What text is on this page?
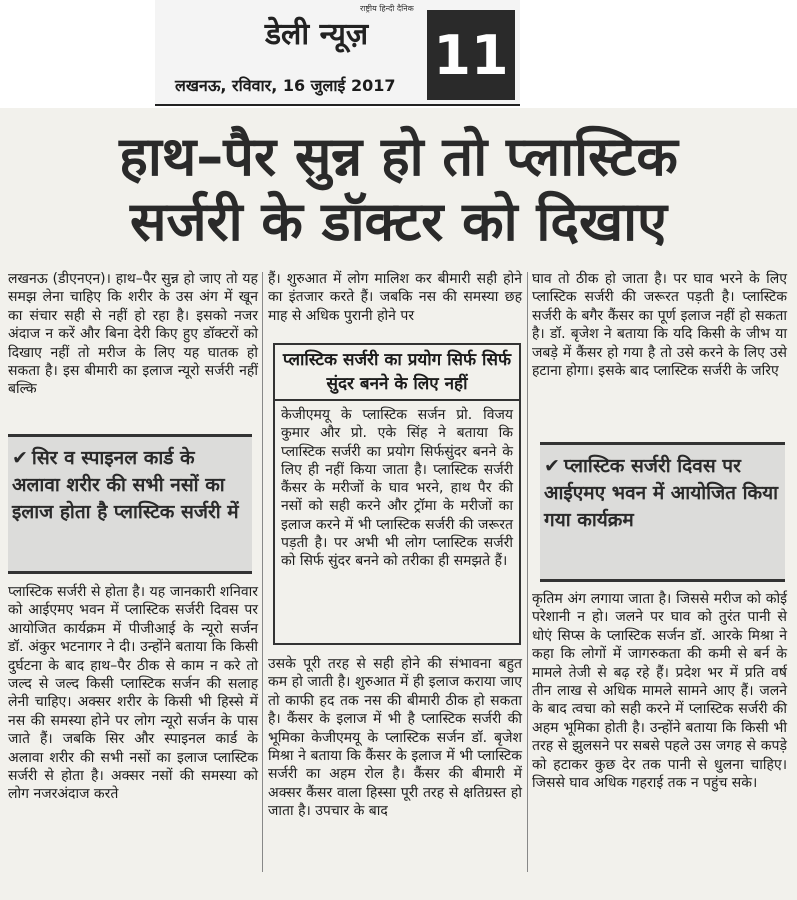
राष्ट्रीय हिन्दी दैनिक
डेली न्यूज़
लखनऊ, रविवार, 16 जुलाई 2017 11
हाथ–पैर सुन्न हो तो प्लास्टिक
सर्जरी के डॉक्टर को दिखाए

लखनऊ (डीएनएन)। हाथ–पैर सुन्न हो जाए तो यह समझ लेना चाहिए कि शरीर के उस अंग में खून का संचार सही से नहीं हो रहा है। इसको नजर अंदाज न करें और बिना देरी किए हुए डॉक्टरों को दिखाए नहीं तो मरीज के लिए यह घातक हो सकता है। इस बीमारी का इलाज न्यूरो सर्जरी नहीं बल्कि

✔ सिर व स्पाइनल कार्ड के अलावा शरीर की सभी नसों का इलाज होता है प्लास्टिक सर्जरी में

प्लास्टिक सर्जरी से होता है। यह जानकारी शनिवार को आईएमए भवन में प्लास्टिक सर्जरी दिवस पर आयोजित कार्यक्रम में पीजीआई के न्यूरो सर्जन डॉ. अंकुर भटनागर ने दी। उन्होंने बताया कि किसी दुर्घटना के बाद हाथ–पैर ठीक से काम न करे तो जल्द से जल्द किसी प्लास्टिक सर्जन की सलाह लेनी चाहिए। अक्सर शरीर के किसी भी हिस्से में नस की समस्या होने पर लोग न्यूरो सर्जन के पास जाते हैं। जबकि सिर और स्पाइनल कार्ड के अलावा शरीर की सभी नसों का इलाज प्लास्टिक सर्जरी से होता है। अक्सर नसों की समस्या को लोग नजरअंदाज करते

हैं। शुरुआत में लोग मालिश कर बीमारी सही होने का इंतजार करते हैं। जबकि नस की समस्या छह माह से अधिक पुरानी होने पर

प्लास्टिक सर्जरी का प्रयोग सिर्फ सिर्फ सुंदर बनने के लिए नहीं
केजीएमयू के प्लास्टिक सर्जन प्रो. विजय कुमार और प्रो. एके सिंह ने बताया कि प्लास्टिक सर्जरी का प्रयोग सिर्फसुंदर बनने के लिए ही नहीं किया जाता है। प्लास्टिक सर्जरी कैंसर के मरीजों के घाव भरने, हाथ पैर की नसों को सही करने और ट्रॉमा के मरीजों का इलाज करने में भी प्लास्टिक सर्जरी की जरूरत पड़ती है। पर अभी भी लोग प्लास्टिक सर्जरी को सिर्फ सुंदर बनने को तरीका ही समझते हैं।

उसके पूरी तरह से सही होने की संभावना बहुत कम हो जाती है। शुरुआत में ही इलाज कराया जाए तो काफी हद तक नस की बीमारी ठीक हो सकता है। कैंसर के इलाज में भी है प्लास्टिक सर्जरी की भूमिका केजीएमयू के प्लास्टिक सर्जन डॉ. बृजेश मिश्रा ने बताया कि कैंसर के इलाज में भी प्लास्टिक सर्जरी का अहम रोल है। कैंसर की बीमारी में अक्सर कैंसर वाला हिस्सा पूरी तरह से क्षतिग्रस्त हो जाता है। उपचार के बाद

घाव तो ठीक हो जाता है। पर घाव भरने के लिए प्लास्टिक सर्जरी की जरूरत पड़ती है। प्लास्टिक सर्जरी के बगैर कैंसर का पूर्ण इलाज नहीं हो सकता है। डॉ. बृजेश ने बताया कि यदि किसी के जीभ या जबड़े में कैंसर हो गया है तो उसे करने के लिए उसे हटाना होगा। इसके बाद प्लास्टिक सर्जरी के जरिए

✔ प्लास्टिक सर्जरी दिवस पर आईएमए भवन में आयोजित किया गया कार्यक्रम

कृतिम अंग लगाया जाता है। जिससे मरीज को कोई परेशानी न हो। जलने पर घाव को तुरंत पानी से धोएं सिप्स के प्लास्टिक सर्जन डॉ. आरके मिश्रा ने कहा कि लोगों में जागरुकता की कमी से बर्न के मामले तेजी से बढ़ रहे हैं। प्रदेश भर में प्रति वर्ष तीन लाख से अधिक मामले सामने आए हैं। जलने के बाद त्वचा को सही करने में प्लास्टिक सर्जरी की अहम भूमिका होती है। उन्होंने बताया कि किसी भी तरह से झुलसने पर सबसे पहले उस जगह से कपड़े को हटाकर कुछ देर तक पानी से धुलना चाहिए। जिससे घाव अधिक गहराई तक न पहुंच सके।
